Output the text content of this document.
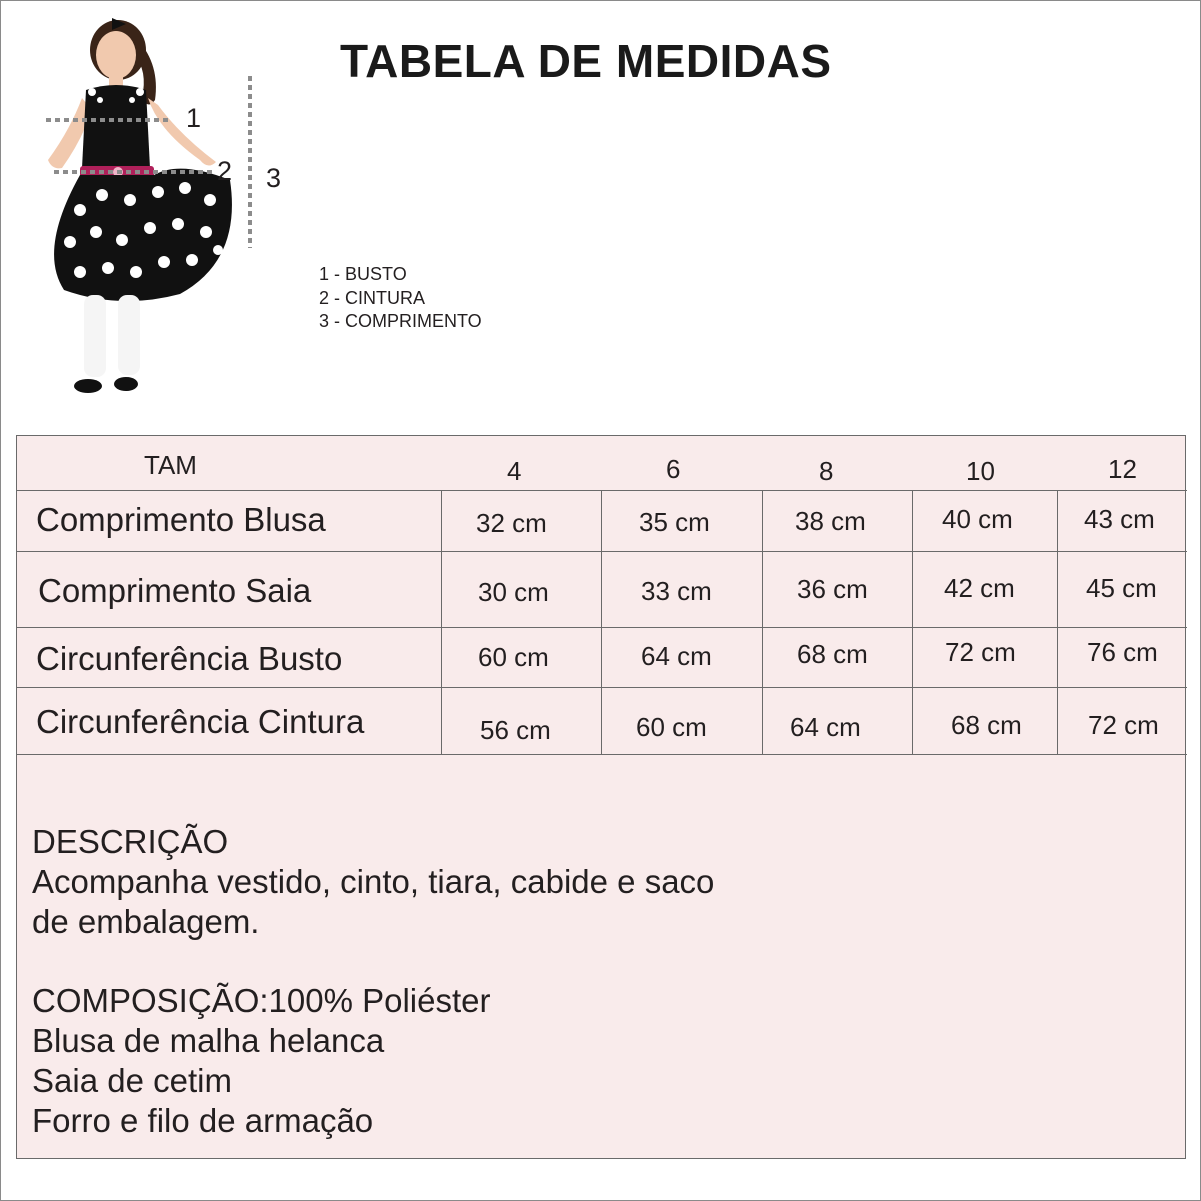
TABELA DE MEDIDAS
1
2 3
1 - BUSTO
2 - CINTURA
3 - COMPRIMENTO
TAM	4	6	8	10	12
Comprimento Blusa	32 cm	35 cm	38 cm	40 cm	43 cm
Comprimento Saia	30 cm	33 cm	36 cm	42 cm	45 cm
Circunferência Busto	60 cm	64 cm	68 cm	72 cm	76 cm
Circunferência Cintura	56 cm	60 cm	64 cm	68 cm	72 cm
DESCRIÇÃO
Acompanha vestido, cinto, tiara, cabide e saco
de embalagem.
COMPOSIÇÃO:100% Poliéster
Blusa de malha helanca
Saia de cetim
Forro e filo de armação
